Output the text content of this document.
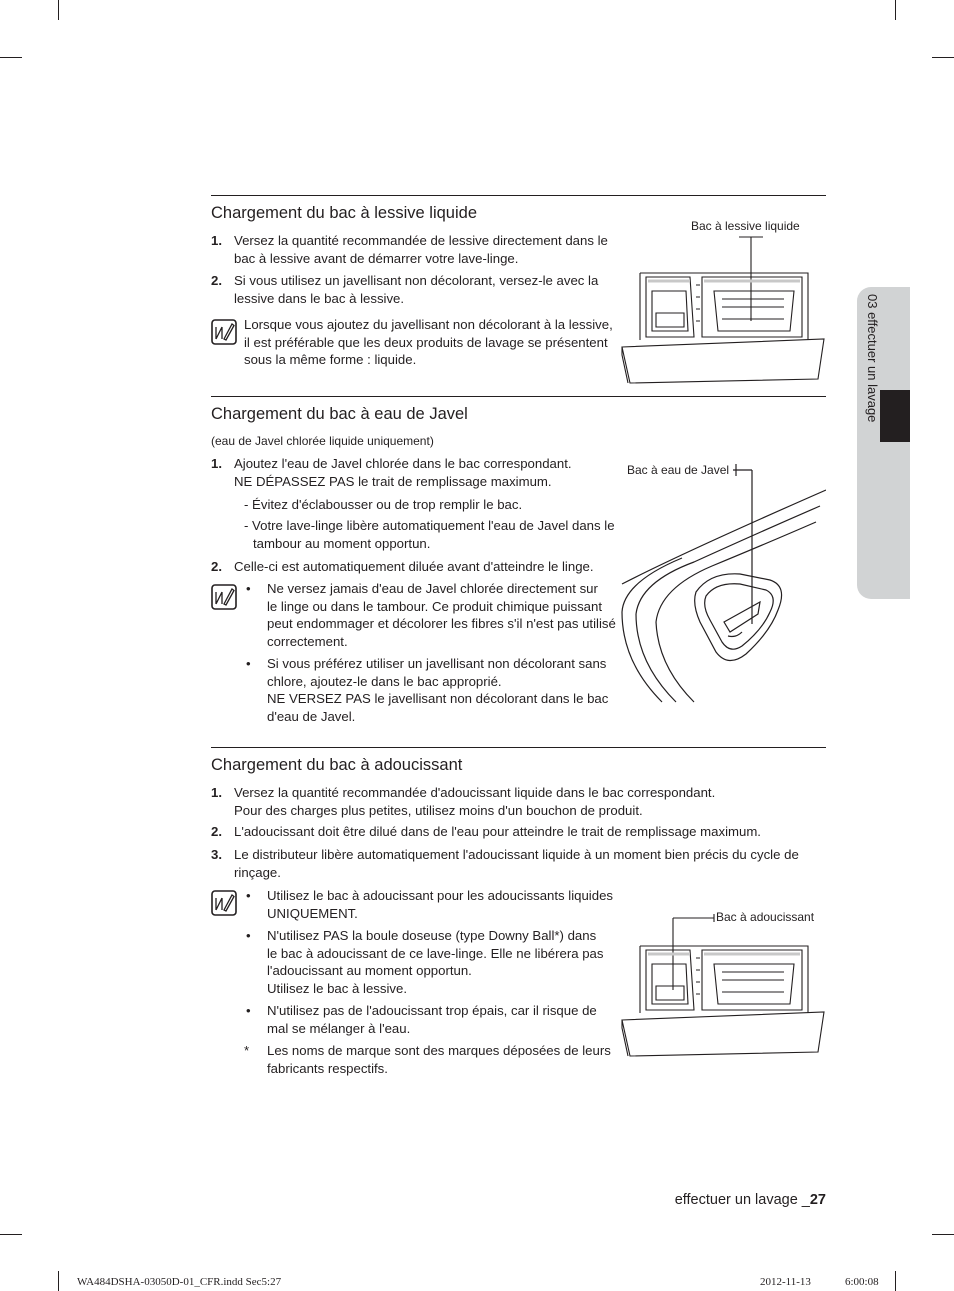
03 effectuer un lavage
Chargement du bac à lessive liquide
1. Versez la quantité recommandée de lessive directement dans le
bac à lessive avant de démarrer votre lave-linge.
2. Si vous utilisez un javellisant non décolorant, versez-le avec la
lessive dans le bac à lessive.
Lorsque vous ajoutez du javellisant non décolorant à la lessive,
il est préférable que les deux produits de lavage se présentent
sous la même forme : liquide.
Bac à lessive liquide
Chargement du bac à eau de Javel
(eau de Javel chlorée liquide uniquement)
1. Ajoutez l'eau de Javel chlorée dans le bac correspondant.
NE DÉPASSEZ PAS le trait de remplissage maximum.
- Évitez d'éclabousser ou de trop remplir le bac.
- Votre lave-linge libère automatiquement l'eau de Javel dans le
tambour au moment opportun.
2. Celle-ci est automatiquement diluée avant d'atteindre le linge.
• Ne versez jamais d'eau de Javel chlorée directement sur
le linge ou dans le tambour. Ce produit chimique puissant
peut endommager et décolorer les fibres s'il n'est pas utilisé
correctement.
• Si vous préférez utiliser un javellisant non décolorant sans
chlore, ajoutez-le dans le bac approprié.
NE VERSEZ PAS le javellisant non décolorant dans le bac
d'eau de Javel.
Bac à eau de Javel
Chargement du bac à adoucissant
1. Versez la quantité recommandée d'adoucissant liquide dans le bac correspondant.
Pour des charges plus petites, utilisez moins d'un bouchon de produit.
2. L'adoucissant doit être dilué dans de l'eau pour atteindre le trait de remplissage maximum.
3. Le distributeur libère automatiquement l'adoucissant liquide à un moment bien précis du cycle de
rinçage.
• Utilisez le bac à adoucissant pour les adoucissants liquides
UNIQUEMENT.
• N'utilisez PAS la boule doseuse (type Downy Ball*) dans
le bac à adoucissant de ce lave-linge. Elle ne libérera pas
l'adoucissant au moment opportun.
Utilisez le bac à lessive.
• N'utilisez pas de l'adoucissant trop épais, car il risque de
mal se mélanger à l'eau.
* Les noms de marque sont des marques déposées de leurs
fabricants respectifs.
Bac à adoucissant
effectuer un lavage _27
WA484DSHA-03050D-01_CFR.indd Sec5:27	2012-11-13	6:00:08
